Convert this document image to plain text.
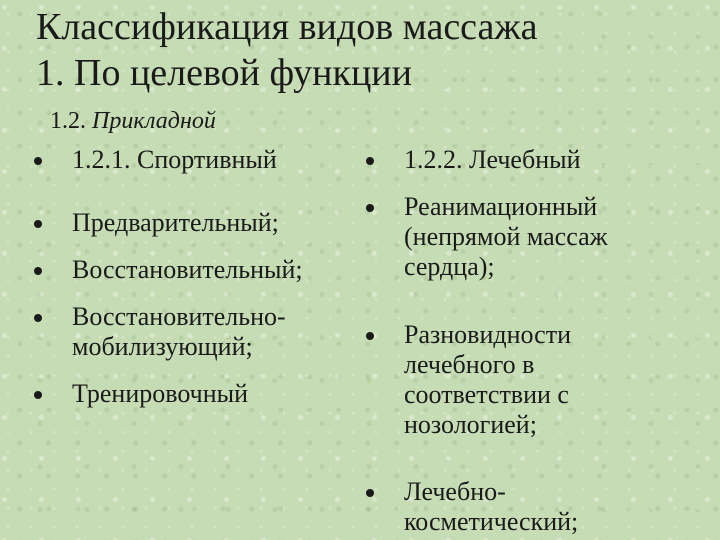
Классификация видов массажа
1. По целевой функции
1.2. Прикладной
1.2.1. Спортивный
Предварительный;
Восстановительный;
Восстановительно-
мобилизующий;
Тренировочный
1.2.2. Лечебный
Реанимационный
(непрямой массаж
сердца);
Разновидности
лечебного в
соответствии с
нозологией;
Лечебно-
косметический;
